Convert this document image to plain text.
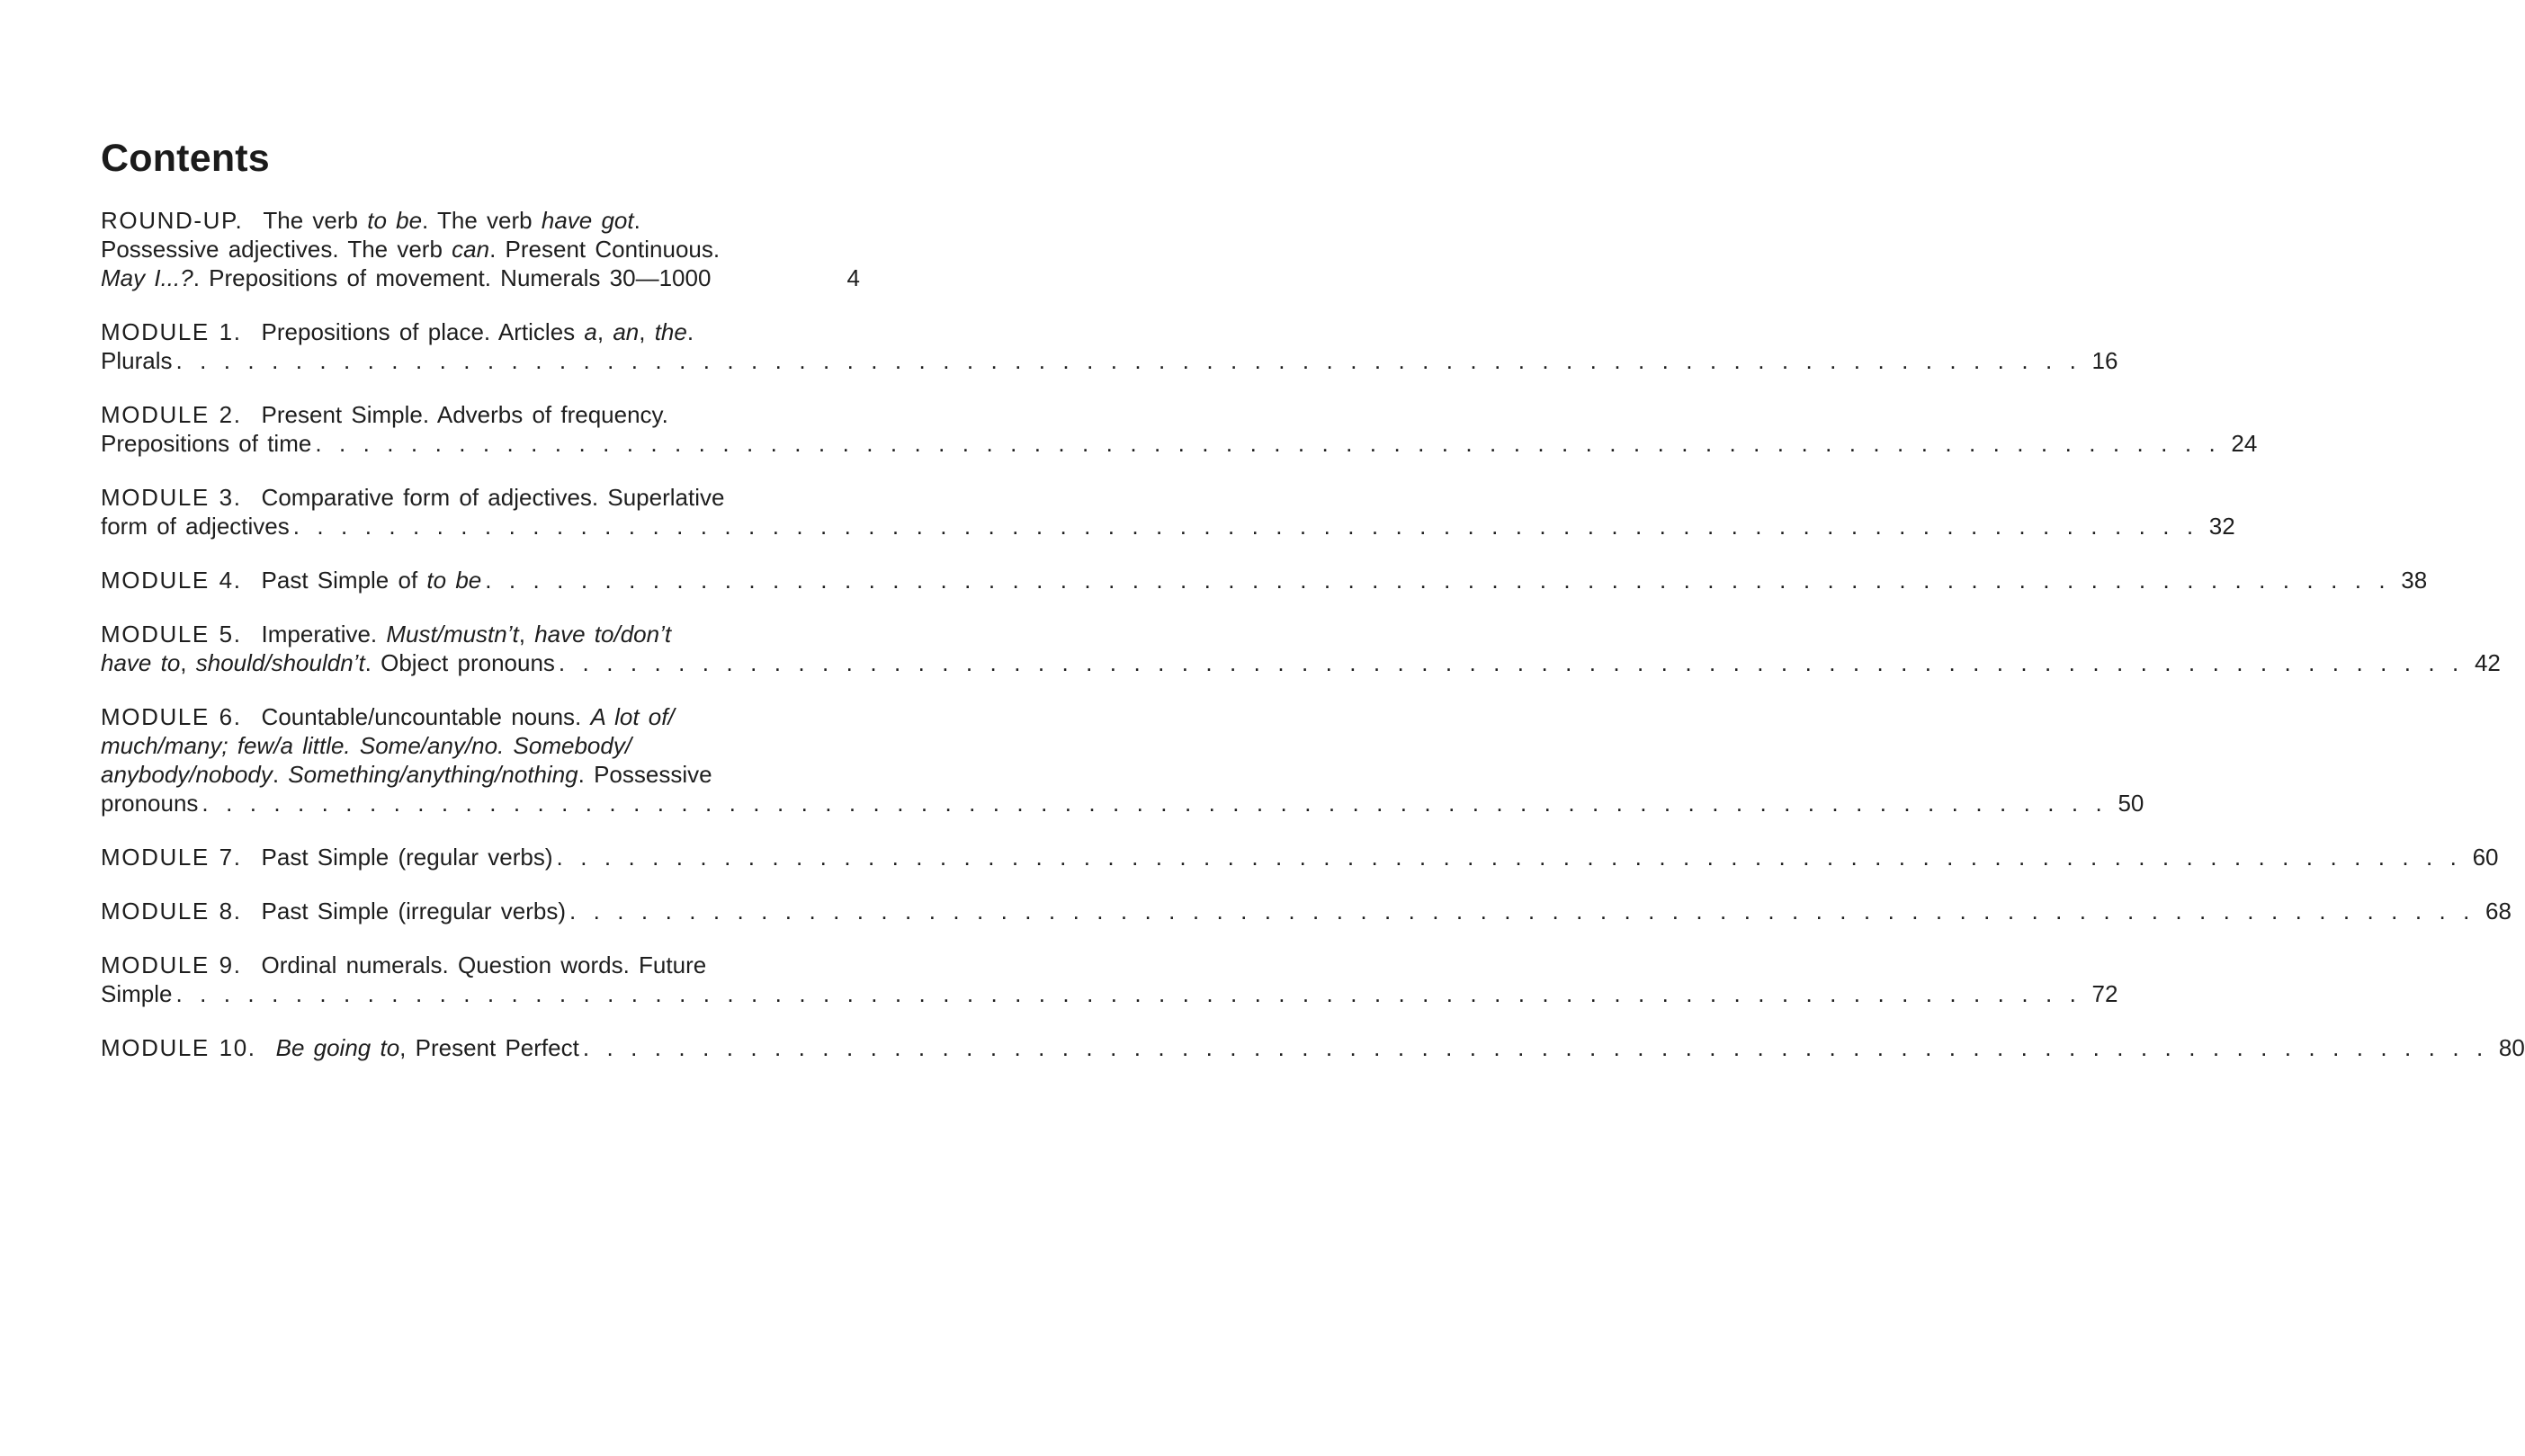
Contents
ROUND-UP. The verb to be. The verb have got.
Possessive adjectives. The verb can. Present Continuous.
May I...?. Prepositions of movement. Numerals 30—1000	4
MODULE 1. Prepositions of place. Articles a, an, the.
Plurals . . . . . . . . . . . . . . . . . . . . . . . . . . . . . . . . . . . . . . . . . . . . . . . . . . . . . . . . . . . . . . . . . . . . . . . . . . . . . . . . 16
MODULE 2. Present Simple. Adverbs of frequency.
Prepositions of time . . . . . . . . . . . . . . . . . . . . . . . . . . . . . . . . . . . . . . . . . . . . . . . . . . . . . . . . . . . . . . . . . . . . . . . . . . . . . . . . 24
MODULE 3. Comparative form of adjectives. Superlative
form of adjectives . . . . . . . . . . . . . . . . . . . . . . . . . . . . . . . . . . . . . . . . . . . . . . . . . . . . . . . . . . . . . . . . . . . . . . . . . . . . . . . . 32
MODULE 4. Past Simple of to be . . . . . . . . . . . . . . . . . . . . . . . . . . . . . . . . . . . . . . . . . . . . . . . . . . . . . . . . . . . . . . . . . . . . . . . . . . . . . . . . 38
MODULE 5. Imperative. Must/mustn’t, have to/don’t
have to, should/shouldn’t. Object pronouns . . . . . . . . . . . . . . . . . . . . . . . . . . . . . . . . . . . . . . . . . . . . . . . . . . . . . . . . . . . . . . . . . . . . . . . . . . . . . . . . 42
MODULE 6. Countable/uncountable nouns. A lot of/
much/many; few/a little. Some/any/no. Somebody/
anybody/nobody. Something/anything/nothing. Possessive
pronouns . . . . . . . . . . . . . . . . . . . . . . . . . . . . . . . . . . . . . . . . . . . . . . . . . . . . . . . . . . . . . . . . . . . . . . . . . . . . . . . . 50
MODULE 7. Past Simple (regular verbs) . . . . . . . . . . . . . . . . . . . . . . . . . . . . . . . . . . . . . . . . . . . . . . . . . . . . . . . . . . . . . . . . . . . . . . . . . . . . . . . . 60
MODULE 8. Past Simple (irregular verbs) . . . . . . . . . . . . . . . . . . . . . . . . . . . . . . . . . . . . . . . . . . . . . . . . . . . . . . . . . . . . . . . . . . . . . . . . . . . . . . . . 68
MODULE 9. Ordinal numerals. Question words. Future
Simple . . . . . . . . . . . . . . . . . . . . . . . . . . . . . . . . . . . . . . . . . . . . . . . . . . . . . . . . . . . . . . . . . . . . . . . . . . . . . . . . 72
MODULE 10. Be going to, Present Perfect . . . . . . . . . . . . . . . . . . . . . . . . . . . . . . . . . . . . . . . . . . . . . . . . . . . . . . . . . . . . . . . . . . . . . . . . . . . . . . . . 80
